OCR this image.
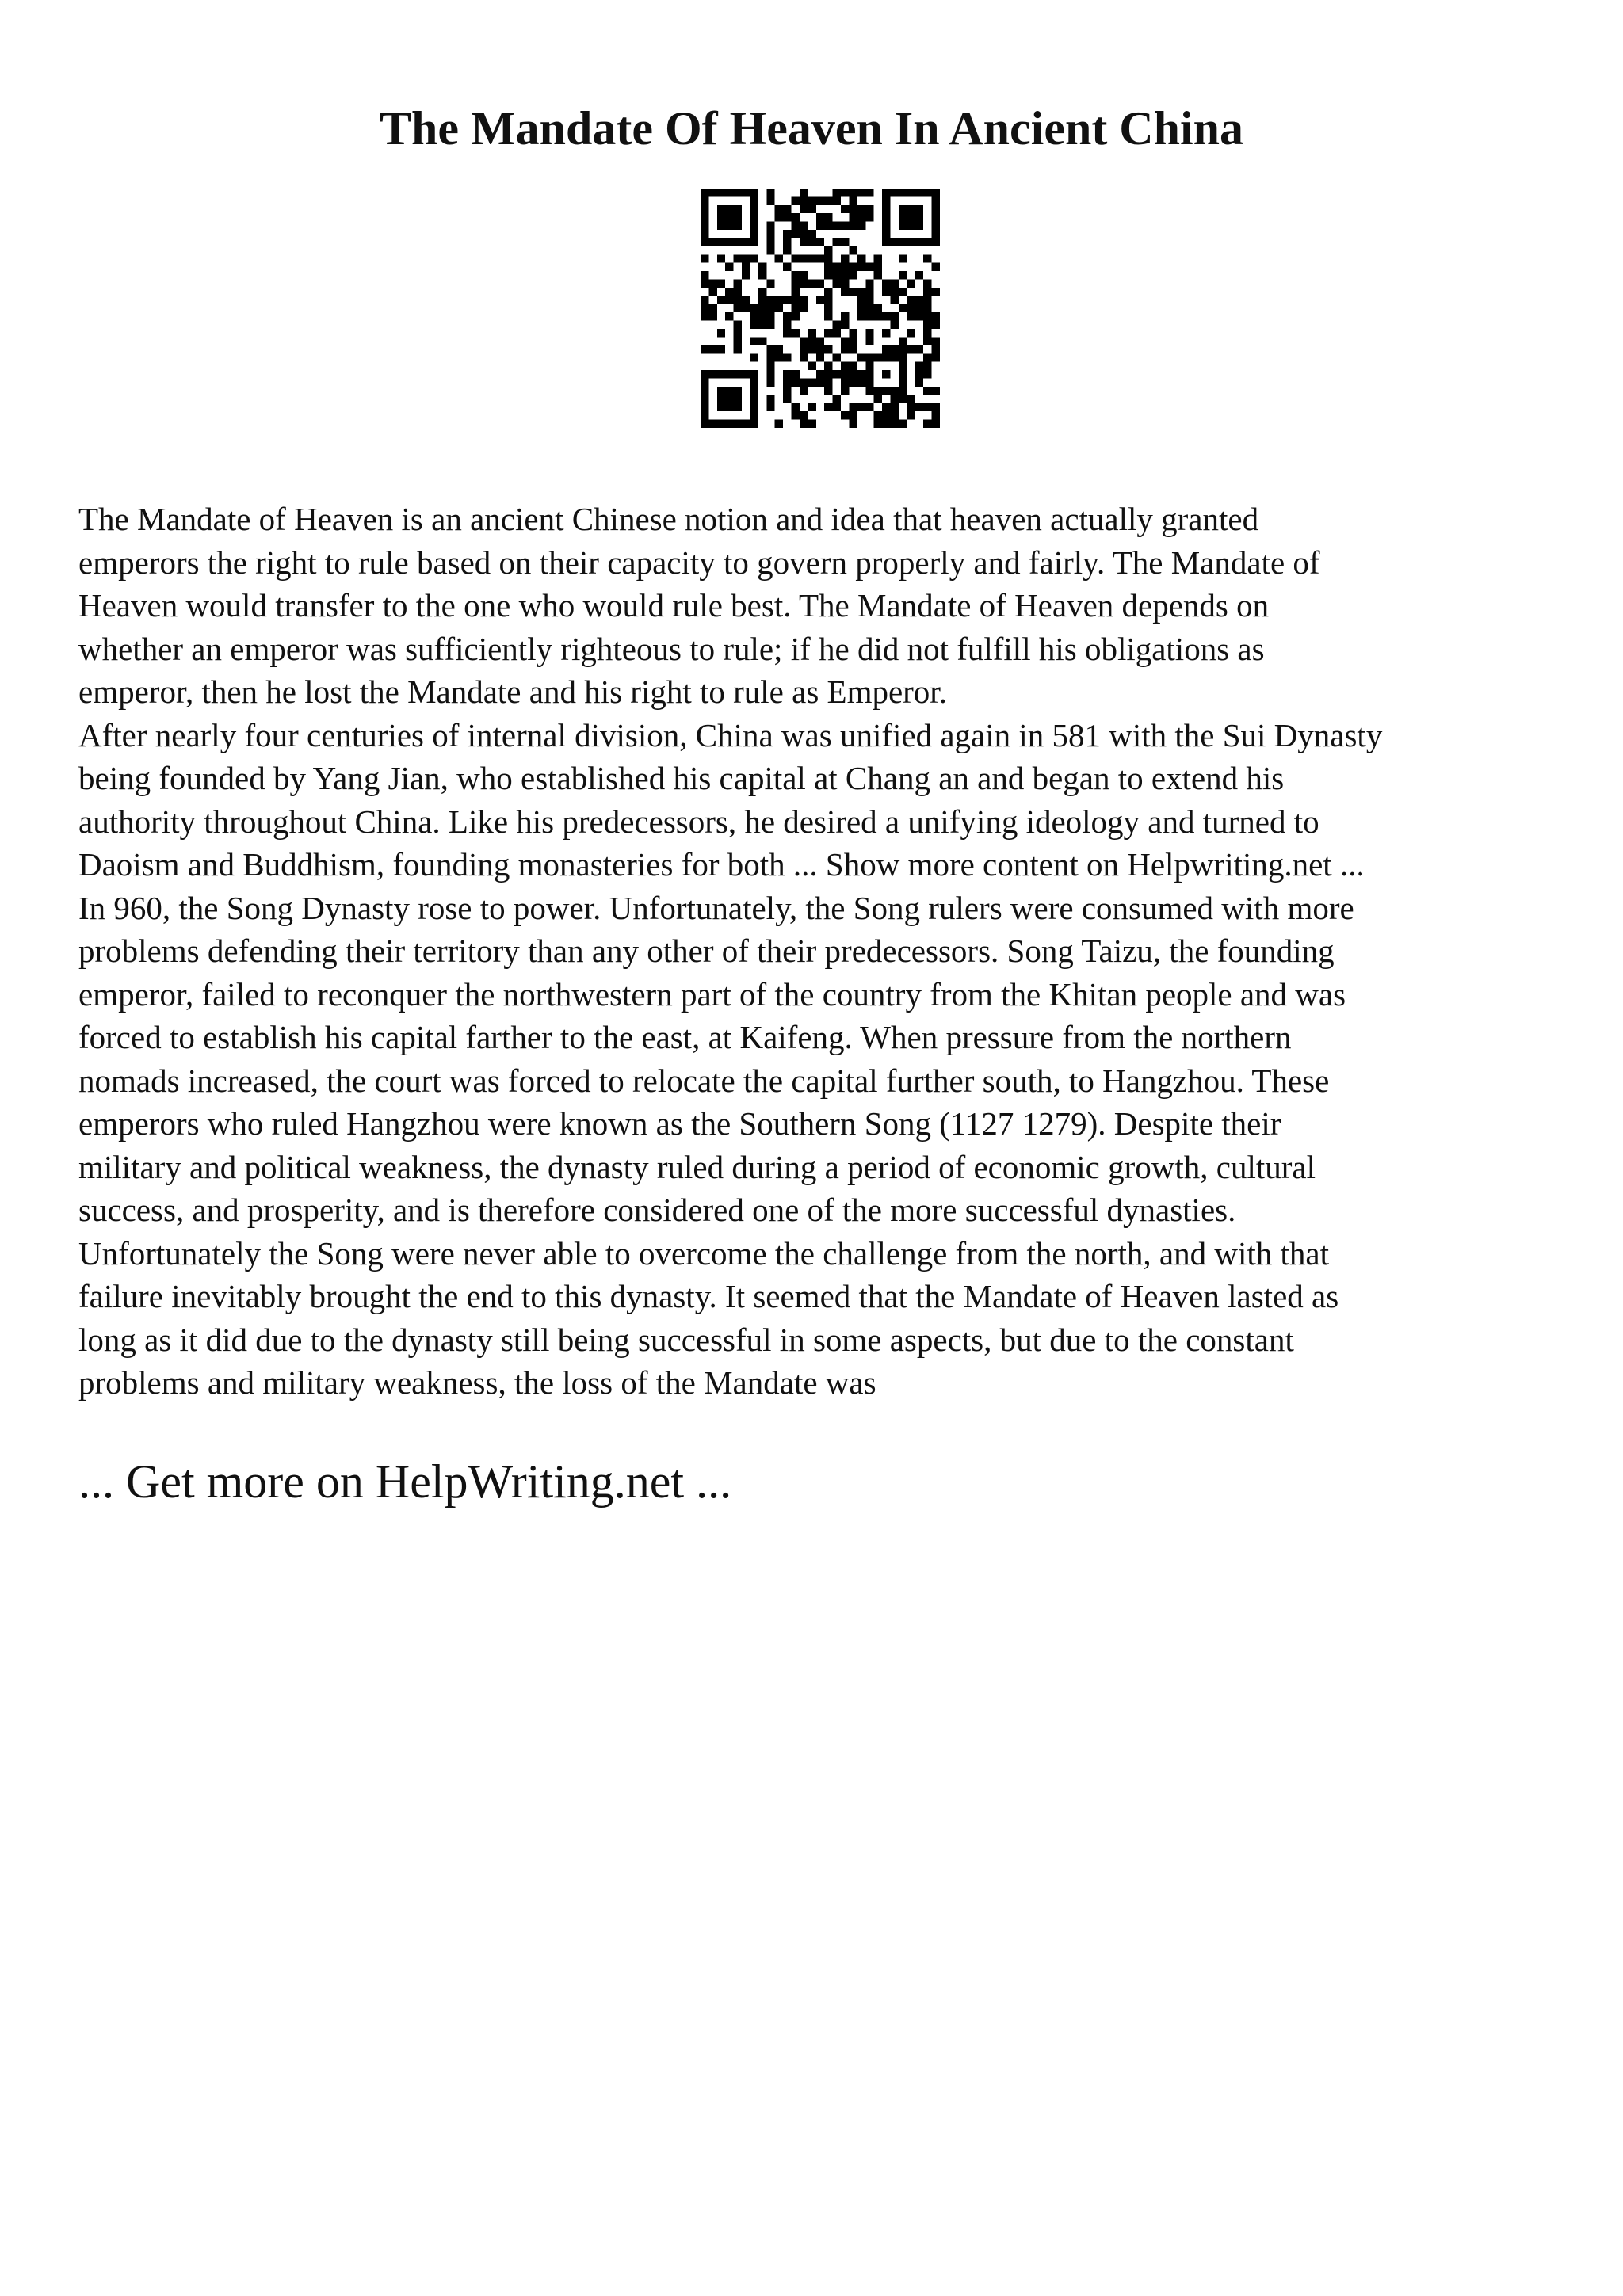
The Mandate Of Heaven In Ancient China
The Mandate of Heaven is an ancient Chinese notion and idea that heaven actually granted
emperors the right to rule based on their capacity to govern properly and fairly. The Mandate of
Heaven would transfer to the one who would rule best. The Mandate of Heaven depends on
whether an emperor was sufficiently righteous to rule; if he did not fulfill his obligations as
emperor, then he lost the Mandate and his right to rule as Emperor.
After nearly four centuries of internal division, China was unified again in 581 with the Sui Dynasty
being founded by Yang Jian, who established his capital at Chang an and began to extend his
authority throughout China. Like his predecessors, he desired a unifying ideology and turned to
Daoism and Buddhism, founding monasteries for both ... Show more content on Helpwriting.net ...
In 960, the Song Dynasty rose to power. Unfortunately, the Song rulers were consumed with more
problems defending their territory than any other of their predecessors. Song Taizu, the founding
emperor, failed to reconquer the northwestern part of the country from the Khitan people and was
forced to establish his capital farther to the east, at Kaifeng. When pressure from the northern
nomads increased, the court was forced to relocate the capital further south, to Hangzhou. These
emperors who ruled Hangzhou were known as the Southern Song (1127 1279). Despite their
military and political weakness, the dynasty ruled during a period of economic growth, cultural
success, and prosperity, and is therefore considered one of the more successful dynasties.
Unfortunately the Song were never able to overcome the challenge from the north, and with that
failure inevitably brought the end to this dynasty. It seemed that the Mandate of Heaven lasted as
long as it did due to the dynasty still being successful in some aspects, but due to the constant
problems and military weakness, the loss of the Mandate was
... Get more on HelpWriting.net ...
